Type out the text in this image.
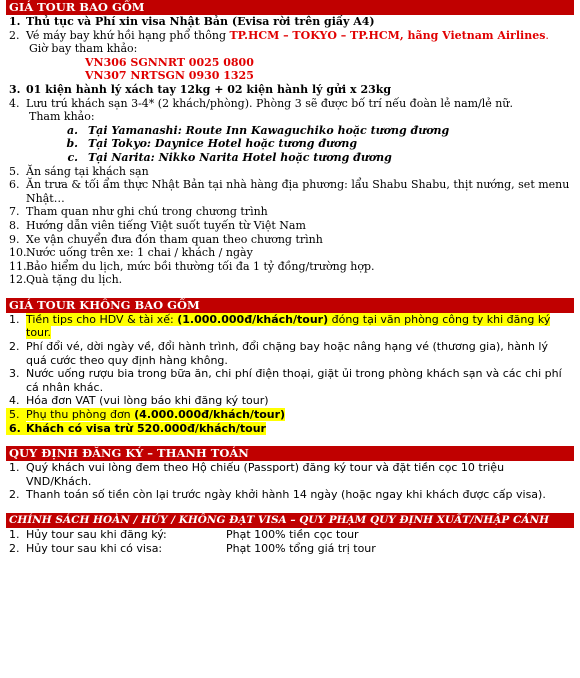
GIÁ TOUR BAO GỒM
1. Thủ tục và Phí xin visa Nhật Bản (Evisa rời trên giấy A4)
2. Vé máy bay khứ hồi hạng phổ thông TP.HCM – TOKYO – TP.HCM, hãng Vietnam Airlines.
Giờ bay tham khảo:
VN306 SGNNRT 0025 0800
VN307 NRTSGN 0930 1325
3. 01 kiện hành lý xách tay 12kg + 02 kiện hành lý gửi x 23kg
4. Lưu trú khách sạn 3-4* (2 khách/phòng). Phòng 3 sẽ được bố trí nếu đoàn lẻ nam/lẻ nữ.
Tham khảo:
a. Tại Yamanashi: Route Inn Kawaguchiko hoặc tương đương
b. Tại Tokyo: Daynice Hotel hoặc tương đương
c. Tại Narita: Nikko Narita Hotel hoặc tương đương
5. Ăn sáng tại khách sạn
6. Ăn trưa & tối ẩm thực Nhật Bản tại nhà hàng địa phương: lẩu Shabu Shabu, thịt nướng, set menu Nhật…
7. Tham quan như ghi chú trong chương trình
8. Hướng dẫn viên tiếng Việt suốt tuyến từ Việt Nam
9. Xe vận chuyển đưa đón tham quan theo chương trình
10. Nước uống trên xe: 1 chai / khách / ngày
11. Bảo hiểm du lịch, mức bồi thường tối đa 1 tỷ đồng/trường hợp.
12. Quà tặng du lịch.
GIÁ TOUR KHÔNG BAO GỒM
1. Tiền tips cho HDV & tài xế: (1.000.000đ/khách/tour) đóng tại văn phòng công ty khi đăng ký tour.
2. Phí đổi vé, dời ngày về, đổi hành trình, đổi chặng bay hoặc nâng hạng vé (thương gia), hành lý quá cước theo quy định hàng không.
3. Nước uống rượu bia trong bữa ăn, chi phí điện thoại, giặt ủi trong phòng khách sạn và các chi phí cá nhân khác.
4. Hóa đơn VAT (vui lòng báo khi đăng ký tour)
5. Phụ thu phòng đơn (4.000.000đ/khách/tour)
6. Khách có visa trừ 520.000đ/khách/tour
QUY ĐỊNH ĐĂNG KÝ – THANH TOÁN
1. Quý khách vui lòng đem theo Hộ chiếu (Passport) đăng ký tour và đặt tiền cọc 10 triệu VND/Khách.
2. Thanh toán số tiền còn lại trước ngày khởi hành 14 ngày (hoặc ngay khi khách được cấp visa).
CHÍNH SÁCH HOÀN / HỦY / KHÔNG ĐẠT VISA – QUY PHẠM QUY ĐỊNH XUẤT/NHẬP CẢNH
1. Hủy tour sau khi đăng ký:	Phạt 100% tiền cọc tour
2. Hủy tour sau khi có visa:	Phạt 100% tổng giá trị tour
